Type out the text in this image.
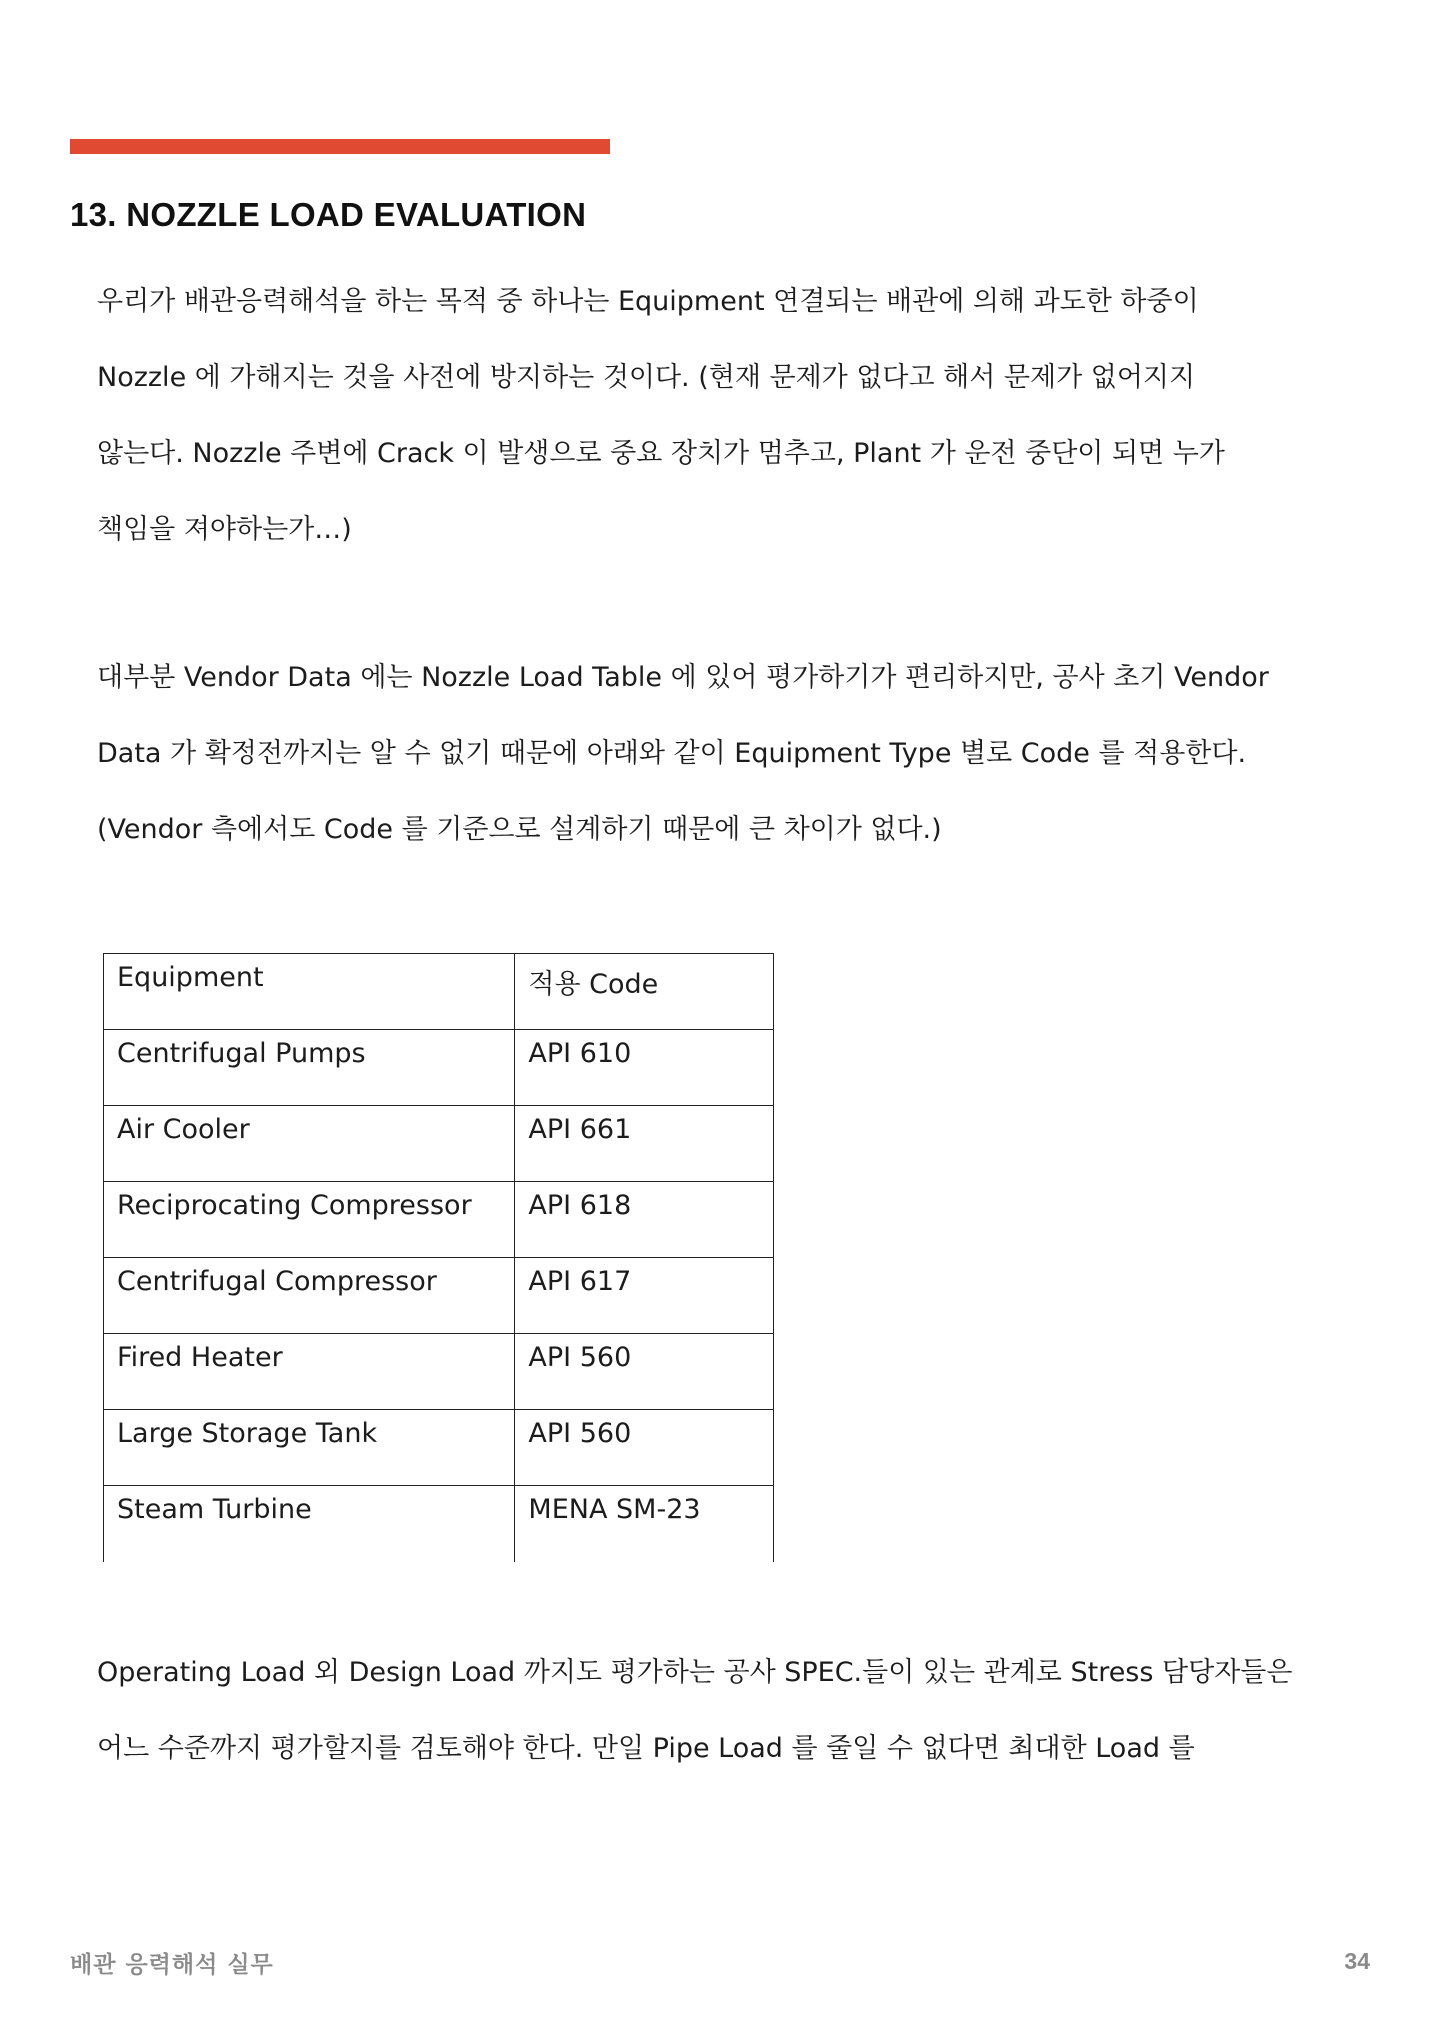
13. NOZZLE LOAD EVALUATION
우리가 배관응력해석을 하는 목적 중 하나는 Equipment 연결되는 배관에 의해 과도한 하중이
Nozzle 에 가해지는 것을 사전에 방지하는 것이다. (현재 문제가 없다고 해서 문제가 없어지지
않는다. Nozzle 주변에 Crack 이 발생으로 중요 장치가 멈추고, Plant 가 운전 중단이 되면 누가
책임을 져야하는가…)
대부분 Vendor Data 에는 Nozzle Load Table 에 있어 평가하기가 편리하지만, 공사 초기 Vendor
Data 가 확정전까지는 알 수 없기 때문에 아래와 같이 Equipment Type 별로 Code 를 적용한다.
(Vendor 측에서도 Code 를 기준으로 설계하기 때문에 큰 차이가 없다.)
Equipment	적용 Code
Centrifugal Pumps	API 610
Air Cooler	API 661
Reciprocating Compressor	API 618
Centrifugal Compressor	API 617
Fired Heater	API 560
Large Storage Tank	API 560
Steam Turbine	MENA SM-23
Operating Load 외 Design Load 까지도 평가하는 공사 SPEC.들이 있는 관계로 Stress 담당자들은
어느 수준까지 평가할지를 검토해야 한다. 만일 Pipe Load 를 줄일 수 없다면 최대한 Load 를
배관 응력해석 실무	34
